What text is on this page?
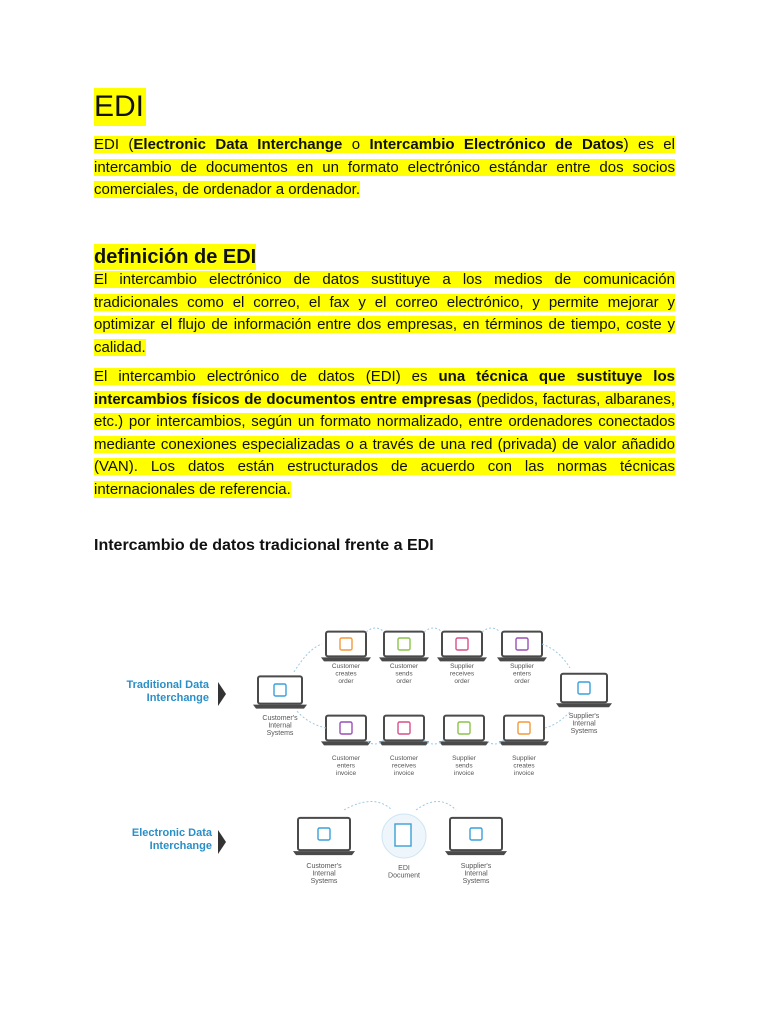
EDI

EDI (Electronic Data Interchange o Intercambio Electrónico de Datos) es el intercambio de documentos en un formato electrónico estándar entre dos socios comerciales, de ordenador a ordenador.

definición de EDI

El intercambio electrónico de datos sustituye a los medios de comunicación tradicionales como el correo, el fax y el correo electrónico, y permite mejorar y optimizar el flujo de información entre dos empresas, en términos de tiempo, coste y calidad.

El intercambio electrónico de datos (EDI) es una técnica que sustituye los intercambios físicos de documentos entre empresas (pedidos, facturas, albaranes, etc.) por intercambios, según un formato normalizado, entre ordenadores conectados mediante conexiones especializadas o a través de una red (privada) de valor añadido (VAN). Los datos están estructurados de acuerdo con las normas técnicas internacionales de referencia.

Intercambio de datos tradicional frente a EDI
Traditional Data Interchange
Customer's Internal Systems
Supplier's Internal Systems
Customer creates order
Customer sends order
Supplier receives order
Supplier enters order
Customer enters invoice
Customer receives invoice
Supplier sends invoice
Supplier creates invoice
Electronic Data Interchange
Customer's Internal Systems
EDI Document
Supplier's Internal Systems
